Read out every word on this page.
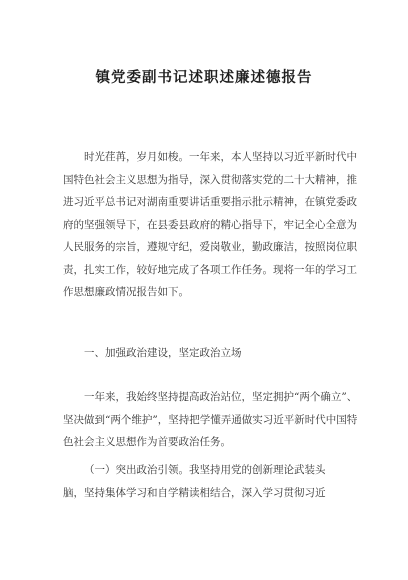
镇党委副书记述职述廉述德报告

时光荏苒，岁月如梭。一年来，本人坚持以习近平新时代中国特色社会主义思想为指导，深入贯彻落实党的二十大精神，推进习近平总书记对湖南重要讲话重要指示批示精神，在镇党委政府的坚强领导下，在县委县政府的精心指导下，牢记全心全意为人民服务的宗旨，遵规守纪，爱岗敬业，勤政廉洁，按照岗位职责，扎实工作，较好地完成了各项工作任务。现将一年的学习工作思想廉政情况报告如下。

一、加强政治建设，坚定政治立场

一年来，我始终坚持提高政治站位，坚定拥护“两个确立”、坚决做到“两个维护”，坚持把学懂弄通做实习近平新时代中国特色社会主义思想作为首要政治任务。

（一）突出政治引领。我坚持用党的创新理论武装头
脑，坚持集体学习和自学精读相结合，深入学习贯彻习近
